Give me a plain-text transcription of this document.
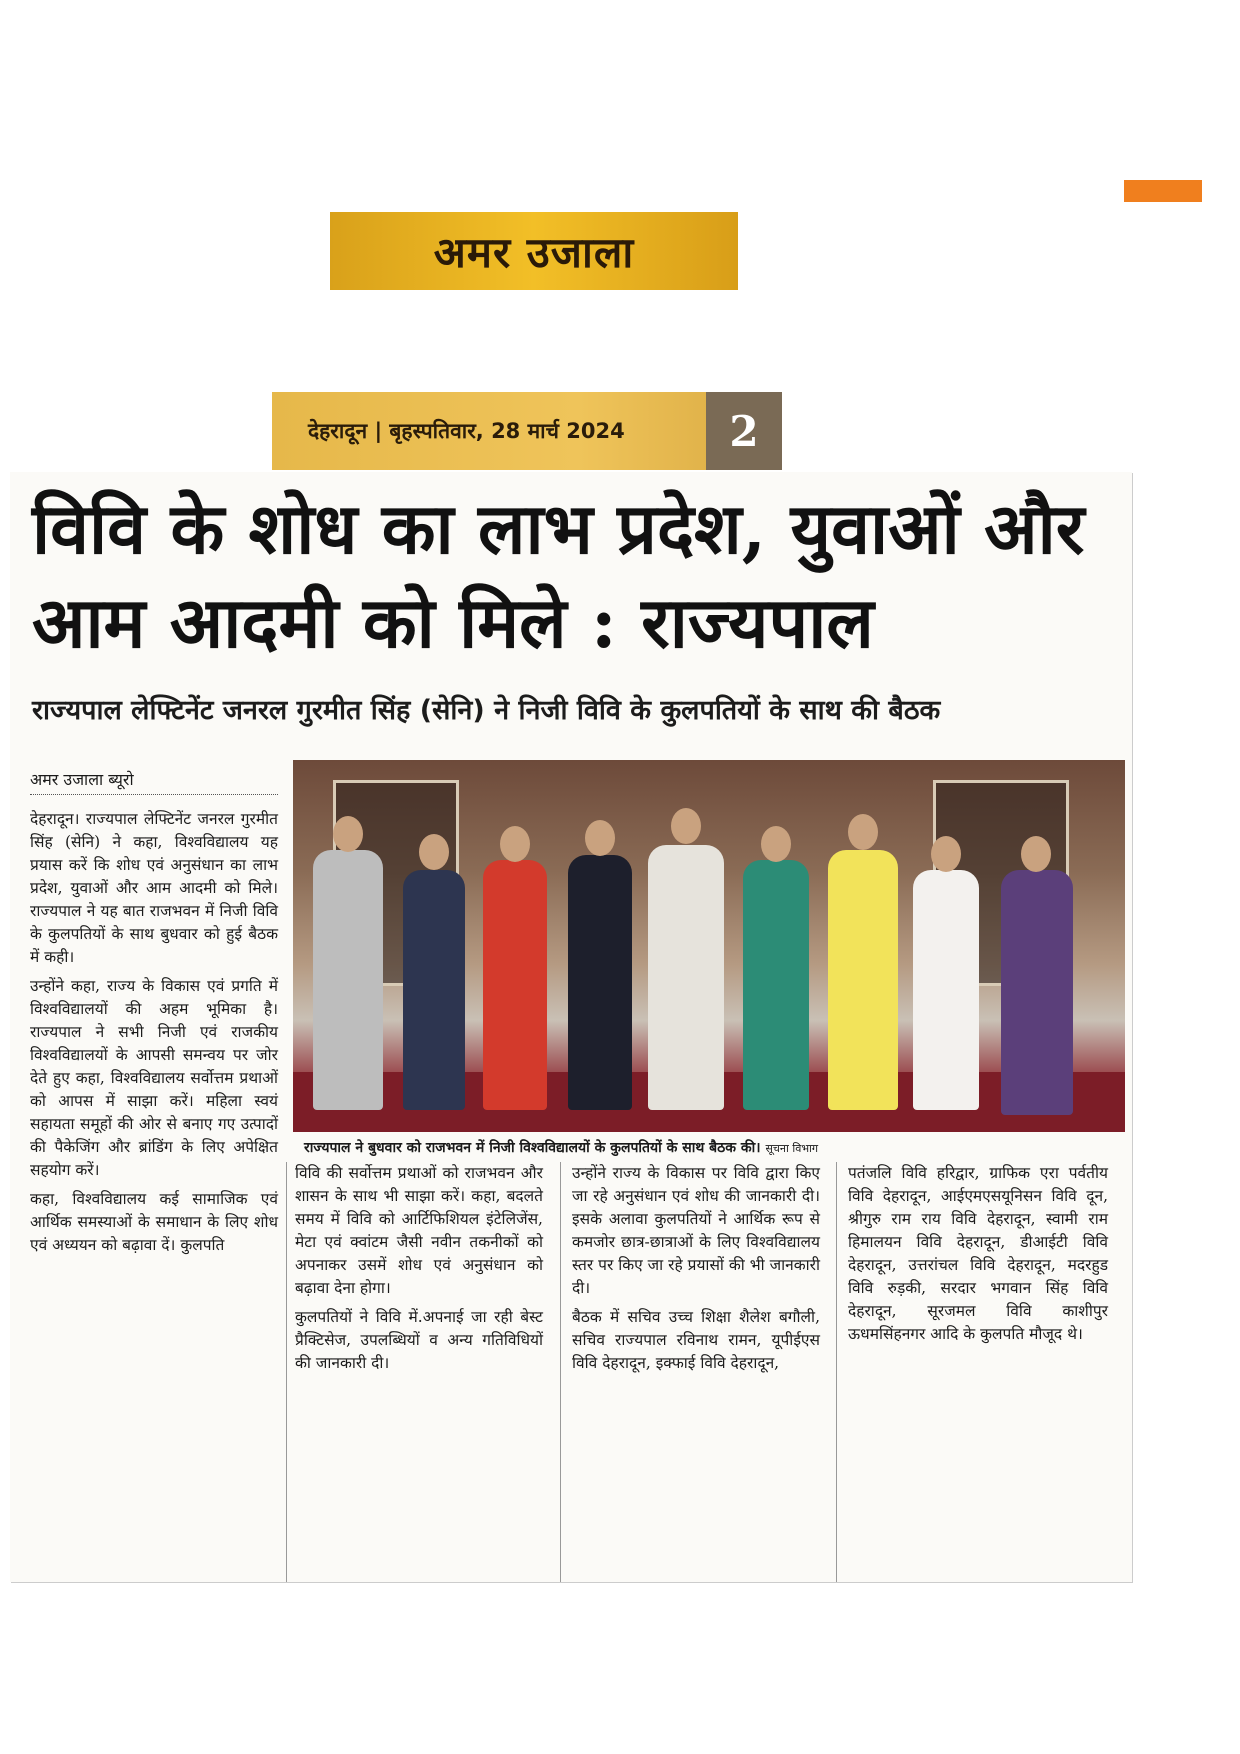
अमर उजाला
देहरादून | बृहस्पतिवार, 28 मार्च 2024	2
विवि के शोध का लाभ प्रदेश, युवाओं और आम आदमी को मिले : राज्यपाल
राज्यपाल लेफ्टिनेंट जनरल गुरमीत सिंह (सेनि) ने निजी विवि के कुलपतियों के साथ की बैठक
अमर उजाला ब्यूरो
राज्यपाल ने बुधवार को राजभवन में निजी विश्वविद्यालयों के कुलपतियों के साथ बैठक की। सूचना विभाग

देहरादून। राज्यपाल लेफ्टिनेंट जनरल गुरमीत सिंह (सेनि) ने कहा, विश्वविद्यालय यह प्रयास करें कि शोध एवं अनुसंधान का लाभ प्रदेश, युवाओं और आम आदमी को मिले। राज्यपाल ने यह बात राजभवन में निजी विवि के कुलपतियों के साथ बुधवार को हुई बैठक में कही।

उन्होंने कहा, राज्य के विकास एवं प्रगति में विश्वविद्यालयों की अहम भूमिका है। राज्यपाल ने सभी निजी एवं राजकीय विश्वविद्यालयों के आपसी समन्वय पर जोर देते हुए कहा, विश्वविद्यालय सर्वोत्तम प्रथाओं को आपस में साझा करें। महिला स्वयं सहायता समूहों की ओर से बनाए गए उत्पादों की पैकेजिंग और ब्रांडिंग के लिए अपेक्षित सहयोग करें।

कहा, विश्वविद्यालय कई सामाजिक एवं आर्थिक समस्याओं के समाधान के लिए शोध एवं अध्ययन को बढ़ावा दें। कुलपति

विवि की सर्वोत्तम प्रथाओं को राजभवन और शासन के साथ भी साझा करें। कहा, बदलते समय में विवि को आर्टिफिशियल इंटेलिजेंस, मेटा एवं क्वांटम जैसी नवीन तकनीकों को अपनाकर उसमें शोध एवं अनुसंधान को बढ़ावा देना होगा।

कुलपतियों ने विवि में.अपनाई जा रही बेस्ट प्रैक्टिसेज, उपलब्धियों व अन्य गतिविधियों की जानकारी दी।

उन्होंने राज्य के विकास पर विवि द्वारा किए जा रहे अनुसंधान एवं शोध की जानकारी दी। इसके अलावा कुलपतियों ने आर्थिक रूप से कमजोर छात्र-छात्राओं के लिए विश्वविद्यालय स्तर पर किए जा रहे प्रयासों की भी जानकारी दी।

बैठक में सचिव उच्च शिक्षा शैलेश बगौली, सचिव राज्यपाल रविनाथ रामन, यूपीईएस विवि देहरादून, इक्फाई विवि देहरादून,

पतंजलि विवि हरिद्वार, ग्राफिक एरा पर्वतीय विवि देहरादून, आईएमएसयूनिसन विवि दून, श्रीगुरु राम राय विवि देहरादून, स्वामी राम हिमालयन विवि देहरादून, डीआईटी विवि देहरादून, उत्तरांचल विवि देहरादून, मदरहुड विवि रुड़की, सरदार भगवान सिंह विवि देहरादून, सूरजमल विवि काशीपुर ऊधमसिंहनगर आदि के कुलपति मौजूद थे।
